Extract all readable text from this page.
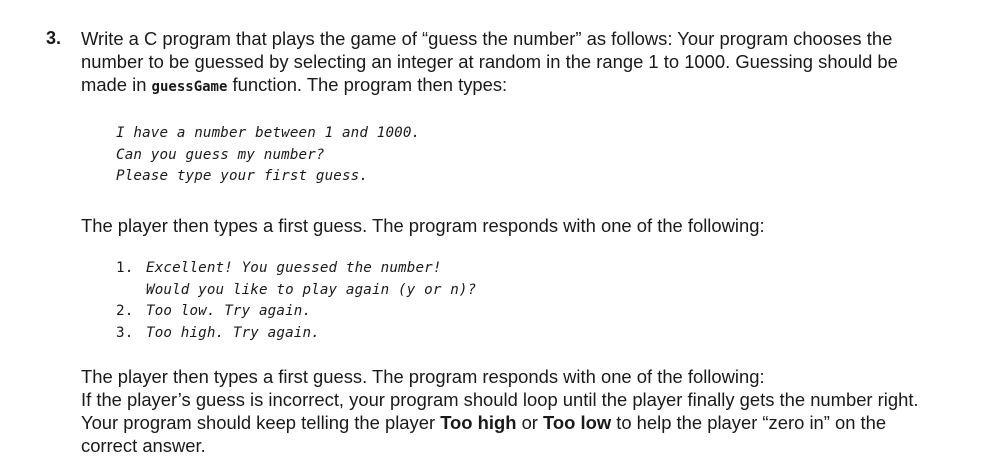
3. Write a C program that plays the game of “guess the number” as follows: Your program chooses the
number to be guessed by selecting an integer at random in the range 1 to 1000. Guessing should be
made in guessGame function. The program then types:
I have a number between 1 and 1000.
Can you guess my number?
Please type your first guess.
The player then types a first guess. The program responds with one of the following:
1. Excellent! You guessed the number!
Would you like to play again (y or n)?
2. Too low. Try again.
3. Too high. Try again.
The player then types a first guess. The program responds with one of the following:
If the player’s guess is incorrect, your program should loop until the player finally gets the number right.
Your program should keep telling the player Too high or Too low to help the player “zero in” on the
correct answer.
